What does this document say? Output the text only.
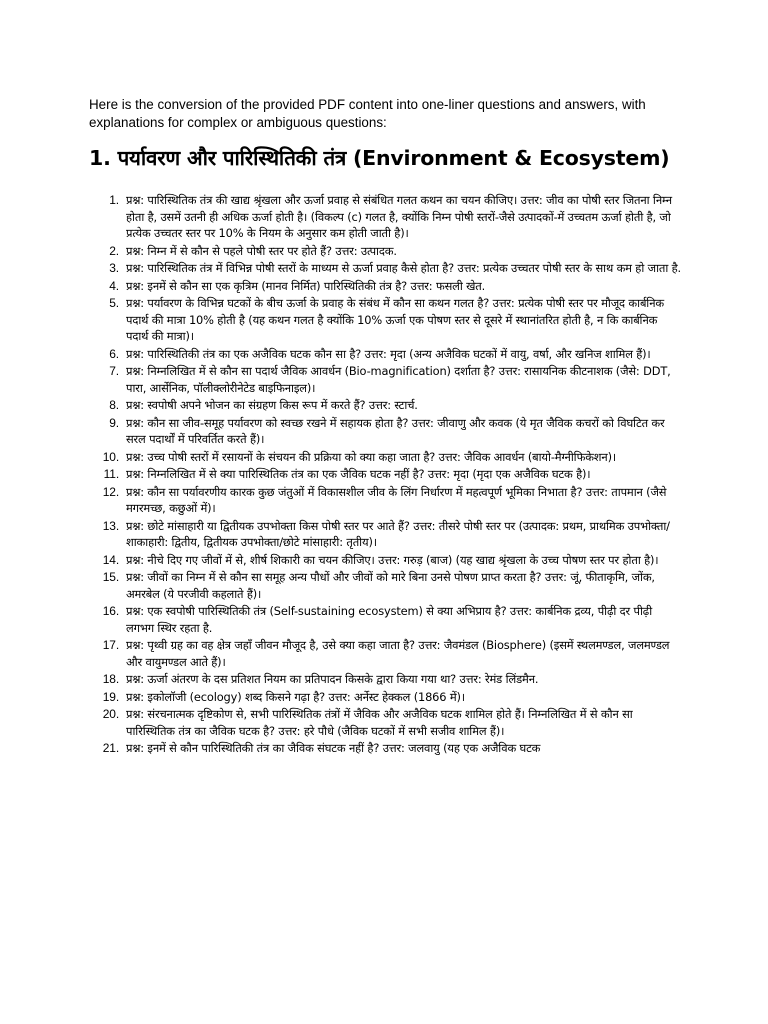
Here is the conversion of the provided PDF content into one-liner questions and answers, with explanations for complex or ambiguous questions:

1. पर्यावरण और पारिस्थितिकी तंत्र (Environment & Ecosystem)
1. प्रश्न: पारिस्थितिक तंत्र की खाद्य श्रृंखला और ऊर्जा प्रवाह से संबंधित गलत कथन का चयन कीजिए। उत्तर: जीव का पोषी स्तर जितना निम्न होता है, उसमें उतनी ही अधिक ऊर्जा होती है। (विकल्प (c) गलत है, क्योंकि निम्न पोषी स्तरों-जैसे उत्पादकों-में उच्चतम ऊर्जा होती है, जो प्रत्येक उच्चतर स्तर पर 10% के नियम के अनुसार कम होती जाती है)।
2. प्रश्न: निम्न में से कौन से पहले पोषी स्तर पर होते हैं? उत्तर: उत्पादक.
3. प्रश्न: पारिस्थितिक तंत्र में विभिन्न पोषी स्तरों के माध्यम से ऊर्जा प्रवाह कैसे होता है? उत्तर: प्रत्येक उच्चतर पोषी स्तर के साथ कम हो जाता है.
4. प्रश्न: इनमें से कौन सा एक कृत्रिम (मानव निर्मित) पारिस्थितिकी तंत्र है? उत्तर: फसली खेत.
5. प्रश्न: पर्यावरण के विभिन्न घटकों के बीच ऊर्जा के प्रवाह के संबंध में कौन सा कथन गलत है? उत्तर: प्रत्येक पोषी स्तर पर मौजूद कार्बनिक पदार्थ की मात्रा 10% होती है (यह कथन गलत है क्योंकि 10% ऊर्जा एक पोषण स्तर से दूसरे में स्थानांतरित होती है, न कि कार्बनिक पदार्थ की मात्रा)।
6. प्रश्न: पारिस्थितिकी तंत्र का एक अजैविक घटक कौन सा है? उत्तर: मृदा (अन्य अजैविक घटकों में वायु, वर्षा, और खनिज शामिल हैं)।
7. प्रश्न: निम्नलिखित में से कौन सा पदार्थ जैविक आवर्धन (Bio-magnification) दर्शाता है? उत्तर: रासायनिक कीटनाशक (जैसे: DDT, पारा, आर्सेनिक, पॉलीक्लोरीनेटेड बाइफिनाइल)।
8. प्रश्न: स्वपोषी अपने भोजन का संग्रहण किस रूप में करते हैं? उत्तर: स्टार्च.
9. प्रश्न: कौन सा जीव-समूह पर्यावरण को स्वच्छ रखने में सहायक होता है? उत्तर: जीवाणु और कवक (ये मृत जैविक कचरों को विघटित कर सरल पदार्थों में परिवर्तित करते हैं)।
10. प्रश्न: उच्च पोषी स्तरों में रसायनों के संचयन की प्रक्रिया को क्या कहा जाता है? उत्तर: जैविक आवर्धन (बायो-मैग्नीफिकेशन)।
11. प्रश्न: निम्नलिखित में से क्या पारिस्थितिक तंत्र का एक जैविक घटक नहीं है? उत्तर: मृदा (मृदा एक अजैविक घटक है)।
12. प्रश्न: कौन सा पर्यावरणीय कारक कुछ जंतुओं में विकासशील जीव के लिंग निर्धारण में महत्वपूर्ण भूमिका निभाता है? उत्तर: तापमान (जैसे मगरमच्छ, कछुओं में)।
13. प्रश्न: छोटे मांसाहारी या द्वितीयक उपभोक्ता किस पोषी स्तर पर आते हैं? उत्तर: तीसरे पोषी स्तर पर (उत्पादक: प्रथम, प्राथमिक उपभोक्ता/शाकाहारी: द्वितीय, द्वितीयक उपभोक्ता/छोटे मांसाहारी: तृतीय)।
14. प्रश्न: नीचे दिए गए जीवों में से, शीर्ष शिकारी का चयन कीजिए। उत्तर: गरुड़ (बाज) (यह खाद्य श्रृंखला के उच्च पोषण स्तर पर होता है)।
15. प्रश्न: जीवों का निम्न में से कौन सा समूह अन्य पौधों और जीवों को मारे बिना उनसे पोषण प्राप्त करता है? उत्तर: जूं, फीताकृमि, जोंक, अमरबेल (ये परजीवी कहलाते हैं)।
16. प्रश्न: एक स्वपोषी पारिस्थितिकी तंत्र (Self-sustaining ecosystem) से क्या अभिप्राय है? उत्तर: कार्बनिक द्रव्य, पीढ़ी दर पीढ़ी लगभग स्थिर रहता है.
17. प्रश्न: पृथ्वी ग्रह का वह क्षेत्र जहाँ जीवन मौजूद है, उसे क्या कहा जाता है? उत्तर: जैवमंडल (Biosphere) (इसमें स्थलमण्डल, जलमण्डल और वायुमण्डल आते हैं)।
18. प्रश्न: ऊर्जा अंतरण के दस प्रतिशत नियम का प्रतिपादन किसके द्वारा किया गया था? उत्तर: रेमंड लिंडमैन.
19. प्रश्न: इकोलॉजी (ecology) शब्द किसने गढ़ा है? उत्तर: अर्नेस्ट हेक्कल (1866 में)।
20. प्रश्न: संरचनात्मक दृष्टिकोण से, सभी पारिस्थितिक तंत्रों में जैविक और अजैविक घटक शामिल होते हैं। निम्नलिखित में से कौन सा पारिस्थितिक तंत्र का जैविक घटक है? उत्तर: हरे पौधे (जैविक घटकों में सभी सजीव शामिल हैं)।
21. प्रश्न: इनमें से कौन पारिस्थितिकी तंत्र का जैविक संघटक नहीं है? उत्तर: जलवायु (यह एक अजैविक घटक
